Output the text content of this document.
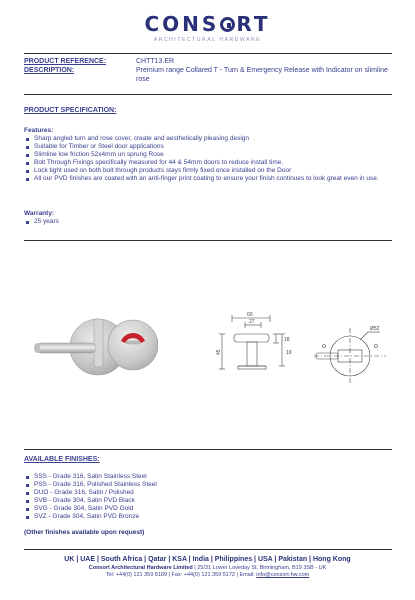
CONS RT
ARCHITECTURAL HARDWARE
PRODUCT REFERENCE:	CHTT13.ER
DESCRIPTION:	Premium range Collared T - Turn & Emergency Release with Indicator on slimline rose
PRODUCT SPECIFICATION:
Features:
Sharp angled turn and rose cover, create and aesthetically pleasing design
Suitable for Timber or Steel door applications
Slimline low friction 52x4mm un sprung Rose
Bolt Through Fixings specifically measured for 44 & 54mm doors to reduce install time.
Lock tight used on both bolt through products stays firmly fixed once installed on the Door
All our PVD finishes are coated with an anti-finger print coating to ensure your finish continues to look great even in use.
Warranty:
25 years
60
27
45
18
19
Ø52
AVAILABLE FINISHES:
SSS - Grade 316, Satin Stainless Steel
PSS - Grade 316, Polished Stainless Steel
DUO - Grade 316, Satin / Polished
SVB - Grade 304, Satin PVD Black
SVG - Grade 304, Satin PVD Gold
SVZ - Grade 304, Satin PVD Bronze
(Other finishes available upon request)
UK | UAE | South Africa | Qatar | KSA | India | Philippines | USA | Pakistan | Hong Kong
Consort Architectural Hardware Limited | 25/31 Lower Loveday St, Birmingham, B19 3SB - UK
Tel: +44(0) 121 359 8189 | Fax: +44(0) 121 359 5172 | Email: info@consort-hw.com
